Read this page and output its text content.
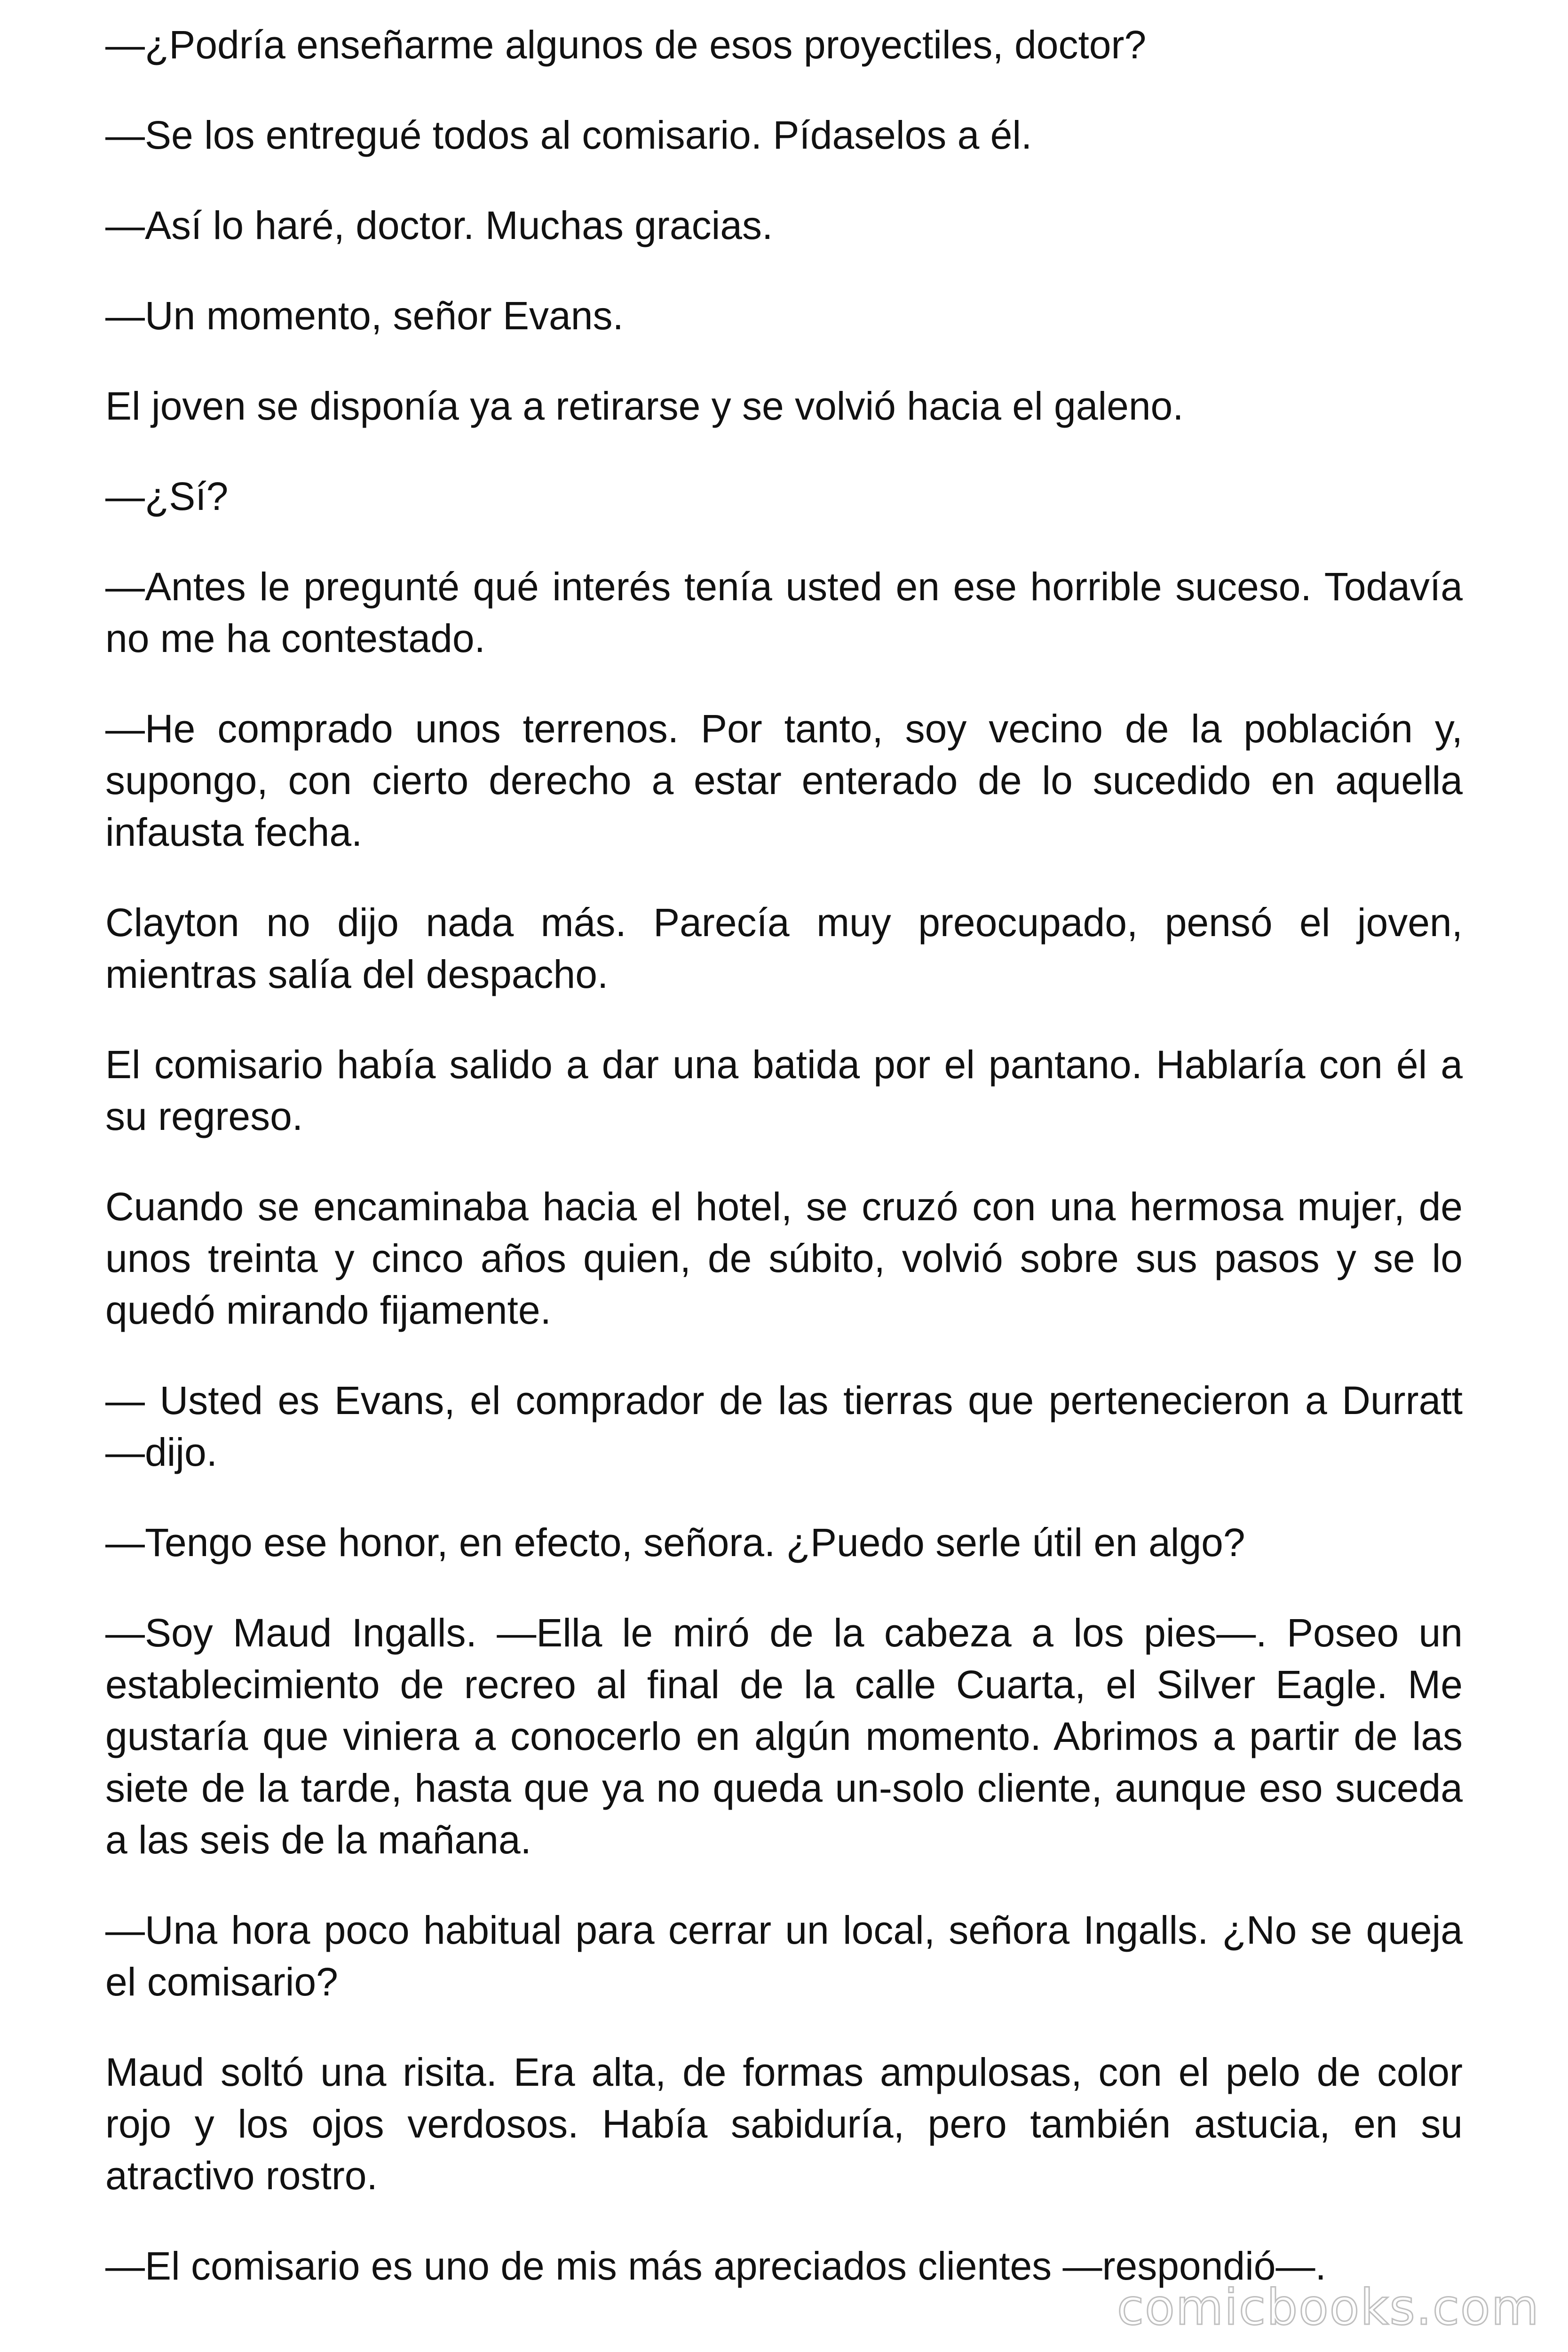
—¿Podría enseñarme algunos de esos proyectiles, doctor?

—Se los entregué todos al comisario. Pídaselos a él.

—Así lo haré, doctor. Muchas gracias.

—Un momento, señor Evans.

El joven se disponía ya a retirarse y se volvió hacia el galeno.

—¿Sí?

—Antes le pregunté qué interés tenía usted en ese horrible suceso. Todavía no me ha contestado.

—He comprado unos terrenos. Por tanto, soy vecino de la población y, supongo, con cierto derecho a estar enterado de lo sucedido en aquella infausta fecha.

Clayton no dijo nada más. Parecía muy preocupado, pensó el joven, mientras salía del despacho.

El comisario había salido a dar una batida por el pantano. Hablaría con él a su regreso.

Cuando se encaminaba hacia el hotel, se cruzó con una hermosa mujer, de unos treinta y cinco años quien, de súbito, volvió sobre sus pasos y se lo quedó mirando fijamente.

— Usted es Evans, el comprador de las tierras que pertenecieron a Durratt —dijo.

—Tengo ese honor, en efecto, señora. ¿Puedo serle útil en algo?

—Soy Maud Ingalls. —Ella le miró de la cabeza a los pies—. Poseo un establecimiento de recreo al final de la calle Cuarta, el Silver Eagle. Me gustaría que viniera a conocerlo en algún momento. Abrimos a partir de las siete de la tarde, hasta que ya no queda un-solo cliente, aunque eso suceda a las seis de la mañana.

—Una hora poco habitual para cerrar un local, señora Ingalls. ¿No se queja el comisario?

Maud soltó una risita. Era alta, de formas ampulosas, con el pelo de color rojo y los ojos verdosos. Había sabiduría, pero también astucia, en su atractivo rostro.

—El comisario es uno de mis más apreciados clientes —respondió—.

comicbooks.com
